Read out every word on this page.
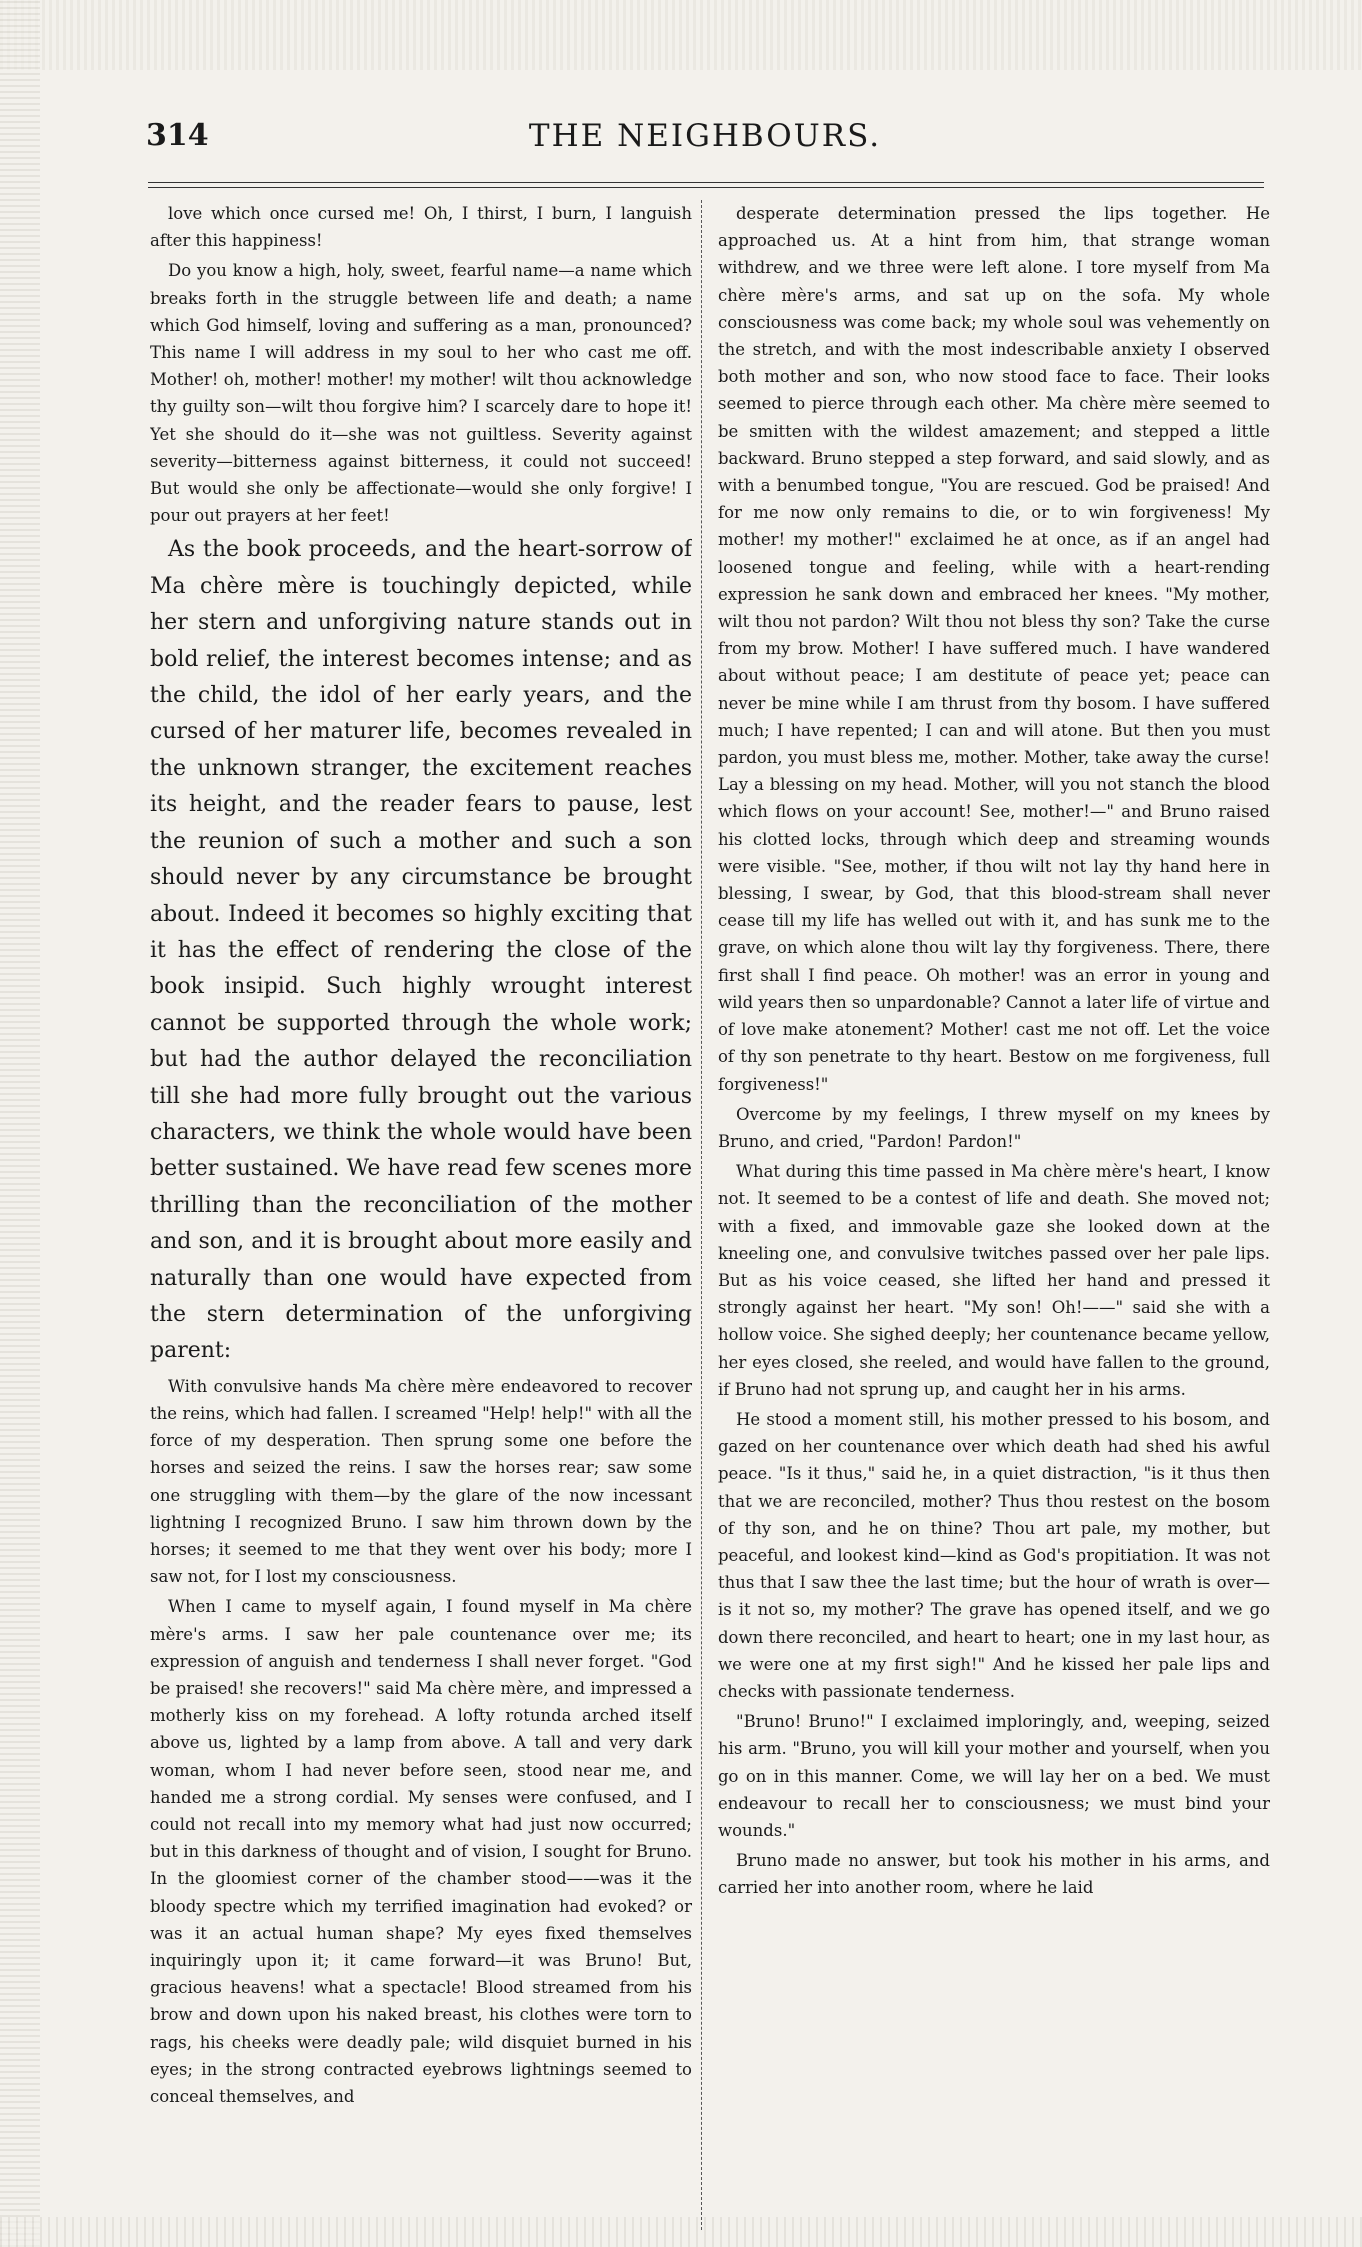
314	THE NEIGHBOURS.

love which once cursed me! Oh, I thirst, I burn, I languish after this happiness!

Do you know a high, holy, sweet, fearful name—a name which breaks forth in the struggle between life and death; a name which God himself, loving and suffering as a man, pronounced? This name I will address in my soul to her who cast me off. Mother! oh, mother! mother! my mother! wilt thou acknowledge thy guilty son—wilt thou forgive him? I scarcely dare to hope it! Yet she should do it—she was not guiltless. Severity against severity—bitterness against bitterness, it could not succeed! But would she only be affectionate—would she only forgive! I pour out prayers at her feet!

As the book proceeds, and the heart-sorrow of Ma chère mère is touchingly depicted, while her stern and unforgiving nature stands out in bold relief, the interest becomes intense; and as the child, the idol of her early years, and the cursed of her maturer life, becomes revealed in the unknown stranger, the excitement reaches its height, and the reader fears to pause, lest the reunion of such a mother and such a son should never by any circumstance be brought about. Indeed it becomes so highly exciting that it has the effect of rendering the close of the book insipid. Such highly wrought interest cannot be supported through the whole work; but had the author delayed the reconciliation till she had more fully brought out the various characters, we think the whole would have been better sustained. We have read few scenes more thrilling than the reconciliation of the mother and son, and it is brought about more easily and naturally than one would have expected from the stern determination of the unforgiving parent:

With convulsive hands Ma chère mère endeavored to recover the reins, which had fallen. I screamed "Help! help!" with all the force of my desperation. Then sprung some one before the horses and seized the reins. I saw the horses rear; saw some one struggling with them—by the glare of the now incessant lightning I recognized Bruno. I saw him thrown down by the horses; it seemed to me that they went over his body; more I saw not, for I lost my consciousness.

When I came to myself again, I found myself in Ma chère mère's arms. I saw her pale countenance over me; its expression of anguish and tenderness I shall never forget. "God be praised! she recovers!" said Ma chère mère, and impressed a motherly kiss on my forehead. A lofty rotunda arched itself above us, lighted by a lamp from above. A tall and very dark woman, whom I had never before seen, stood near me, and handed me a strong cordial. My senses were confused, and I could not recall into my memory what had just now occurred; but in this darkness of thought and of vision, I sought for Bruno. In the gloomiest corner of the chamber stood——was it the bloody spectre which my terrified imagination had evoked? or was it an actual human shape? My eyes fixed themselves inquiringly upon it; it came forward—it was Bruno! But, gracious heavens! what a spectacle! Blood streamed from his brow and down upon his naked breast, his clothes were torn to rags, his cheeks were deadly pale; wild disquiet burned in his eyes; in the strong contracted eyebrows lightnings seemed to conceal themselves, and

desperate determination pressed the lips together. He approached us. At a hint from him, that strange woman withdrew, and we three were left alone. I tore myself from Ma chère mère's arms, and sat up on the sofa. My whole consciousness was come back; my whole soul was vehemently on the stretch, and with the most indescribable anxiety I observed both mother and son, who now stood face to face. Their looks seemed to pierce through each other. Ma chère mère seemed to be smitten with the wildest amazement; and stepped a little backward. Bruno stepped a step forward, and said slowly, and as with a benumbed tongue, "You are rescued. God be praised! And for me now only remains to die, or to win forgiveness! My mother! my mother!" exclaimed he at once, as if an angel had loosened tongue and feeling, while with a heart-rending expression he sank down and embraced her knees. "My mother, wilt thou not pardon? Wilt thou not bless thy son? Take the curse from my brow. Mother! I have suffered much. I have wandered about without peace; I am destitute of peace yet; peace can never be mine while I am thrust from thy bosom. I have suffered much; I have repented; I can and will atone. But then you must pardon, you must bless me, mother. Mother, take away the curse! Lay a blessing on my head. Mother, will you not stanch the blood which flows on your account! See, mother!—" and Bruno raised his clotted locks, through which deep and streaming wounds were visible. "See, mother, if thou wilt not lay thy hand here in blessing, I swear, by God, that this blood-stream shall never cease till my life has welled out with it, and has sunk me to the grave, on which alone thou wilt lay thy forgiveness. There, there first shall I find peace. Oh mother! was an error in young and wild years then so unpardonable? Cannot a later life of virtue and of love make atonement? Mother! cast me not off. Let the voice of thy son penetrate to thy heart. Bestow on me forgiveness, full forgiveness!"

Overcome by my feelings, I threw myself on my knees by Bruno, and cried, "Pardon! Pardon!"

What during this time passed in Ma chère mère's heart, I know not. It seemed to be a contest of life and death. She moved not; with a fixed, and immovable gaze she looked down at the kneeling one, and convulsive twitches passed over her pale lips. But as his voice ceased, she lifted her hand and pressed it strongly against her heart. "My son! Oh!——" said she with a hollow voice. She sighed deeply; her countenance became yellow, her eyes closed, she reeled, and would have fallen to the ground, if Bruno had not sprung up, and caught her in his arms.

He stood a moment still, his mother pressed to his bosom, and gazed on her countenance over which death had shed his awful peace. "Is it thus," said he, in a quiet distraction, "is it thus then that we are reconciled, mother? Thus thou restest on the bosom of thy son, and he on thine? Thou art pale, my mother, but peaceful, and lookest kind—kind as God's propitiation. It was not thus that I saw thee the last time; but the hour of wrath is over—is it not so, my mother? The grave has opened itself, and we go down there reconciled, and heart to heart; one in my last hour, as we were one at my first sigh!" And he kissed her pale lips and checks with passionate tenderness.

"Bruno! Bruno!" I exclaimed imploringly, and, weeping, seized his arm. "Bruno, you will kill your mother and yourself, when you go on in this manner. Come, we will lay her on a bed. We must endeavour to recall her to consciousness; we must bind your wounds."

Bruno made no answer, but took his mother in his arms, and carried her into another room, where he laid
